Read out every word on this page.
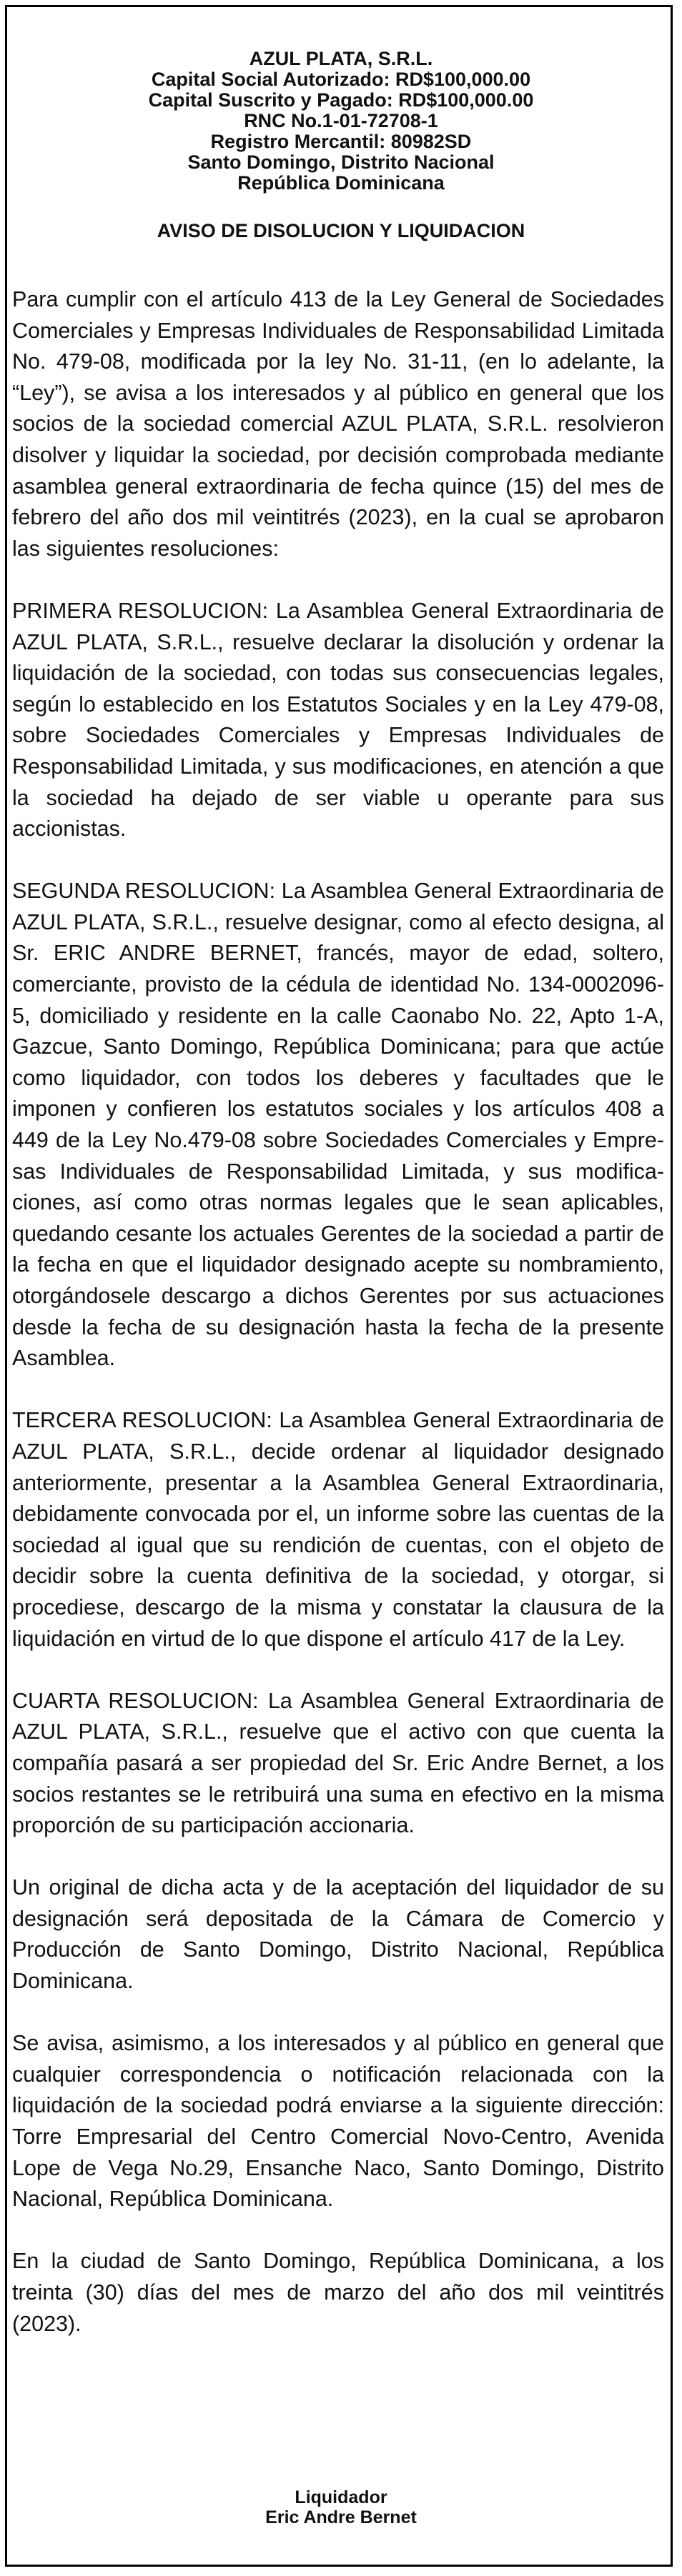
AZUL PLATA, S.R.L.
Capital Social Autorizado: RD$100,000.00
Capital Suscrito y Pagado: RD$100,000.00
RNC No.1-01-72708-1
Registro Mercantil: 80982SD
Santo Domingo, Distrito Nacional
República Dominicana
AVISO DE DISOLUCION Y LIQUIDACION

Para cumplir con el artículo 413 de la Ley General de Sociedades Comerciales y Empresas Individuales de Responsabilidad Limitada No. 479-08, modificada por la ley No. 31-11, (en lo adelante, la “Ley”), se avisa a los interesados y al público en general que los socios de la sociedad comercial AZUL PLATA, S.R.L. resolvieron disolver y liquidar la sociedad, por decisión comprobada mediante asamblea general extraordinaria de fecha quince (15) del mes de febrero del año dos mil veintitrés (2023), en la cual se aprobaron las siguientes resoluciones:

PRIMERA RESOLUCION: La Asamblea General Extraordinaria de AZUL PLATA, S.R.L., resuelve declarar la disolución y ordenar la liquidación de la sociedad, con todas sus consecuencias legales, según lo establecido en los Estatutos Sociales y en la Ley 479-08, sobre Sociedades Comerciales y Empresas Individuales de Responsabilidad Limitada, y sus modificaciones, en atención a que la sociedad ha dejado de ser viable u operante para sus accionistas.

SEGUNDA RESOLUCION: La Asamblea General Extraordinaria de AZUL PLATA, S.R.L., resuelve designar, como al efecto designa, al Sr. ERIC ANDRE BERNET, francés, mayor de edad, soltero, comerciante, provisto de la cédula de identidad No. 134-0002096-5, domiciliado y residente en la calle Caonabo No. 22, Apto 1-A, Gazcue, Santo Domingo, República Dominicana; para que actúe como liquidador, con todos los deberes y facultades que le imponen y confieren los estatutos sociales y los artículos 408 a 449 de la Ley No.479-08 sobre Sociedades Comerciales y Empresas Individuales de Responsabilidad Limitada, y sus modificaciones, así como otras normas legales que le sean aplicables, quedando cesante los actuales Gerentes de la sociedad a partir de la fecha en que el liquidador designado acepte su nombramiento, otorgándosele descargo a dichos Gerentes por sus actuaciones desde la fecha de su designación hasta la fecha de la presente Asamblea.

TERCERA RESOLUCION: La Asamblea General Extraordinaria de AZUL PLATA, S.R.L., decide ordenar al liquidador designado anteriormente, presentar a la Asamblea General Extraordinaria, debidamente convocada por el, un informe sobre las cuentas de la sociedad al igual que su rendición de cuentas, con el objeto de decidir sobre la cuenta definitiva de la sociedad, y otorgar, si procediese, descargo de la misma y constatar la clausura de la liquidación en virtud de lo que dispone el artículo 417 de la Ley.

CUARTA RESOLUCION: La Asamblea General Extraordinaria de AZUL PLATA, S.R.L., resuelve que el activo con que cuenta la compañía pasará a ser propiedad del Sr. Eric Andre Bernet, a los socios restantes se le retribuirá una suma en efectivo en la misma proporción de su participación accionaria.

Un original de dicha acta y de la aceptación del liquidador de su designación será depositada de la Cámara de Comercio y Producción de Santo Domingo, Distrito Nacional, República Dominicana.

Se avisa, asimismo, a los interesados y al público en general que cualquier correspondencia o notificación relacionada con la liquidación de la sociedad podrá enviarse a la siguiente dirección: Torre Empresarial del Centro Comercial Novo-Centro, Avenida Lope de Vega No.29, Ensanche Naco, Santo Domingo, Distrito Nacional, República Dominicana.

En la ciudad de Santo Domingo, República Dominicana, a los treinta (30) días del mes de marzo del año dos mil veintitrés (2023).

Liquidador
Eric Andre Bernet
